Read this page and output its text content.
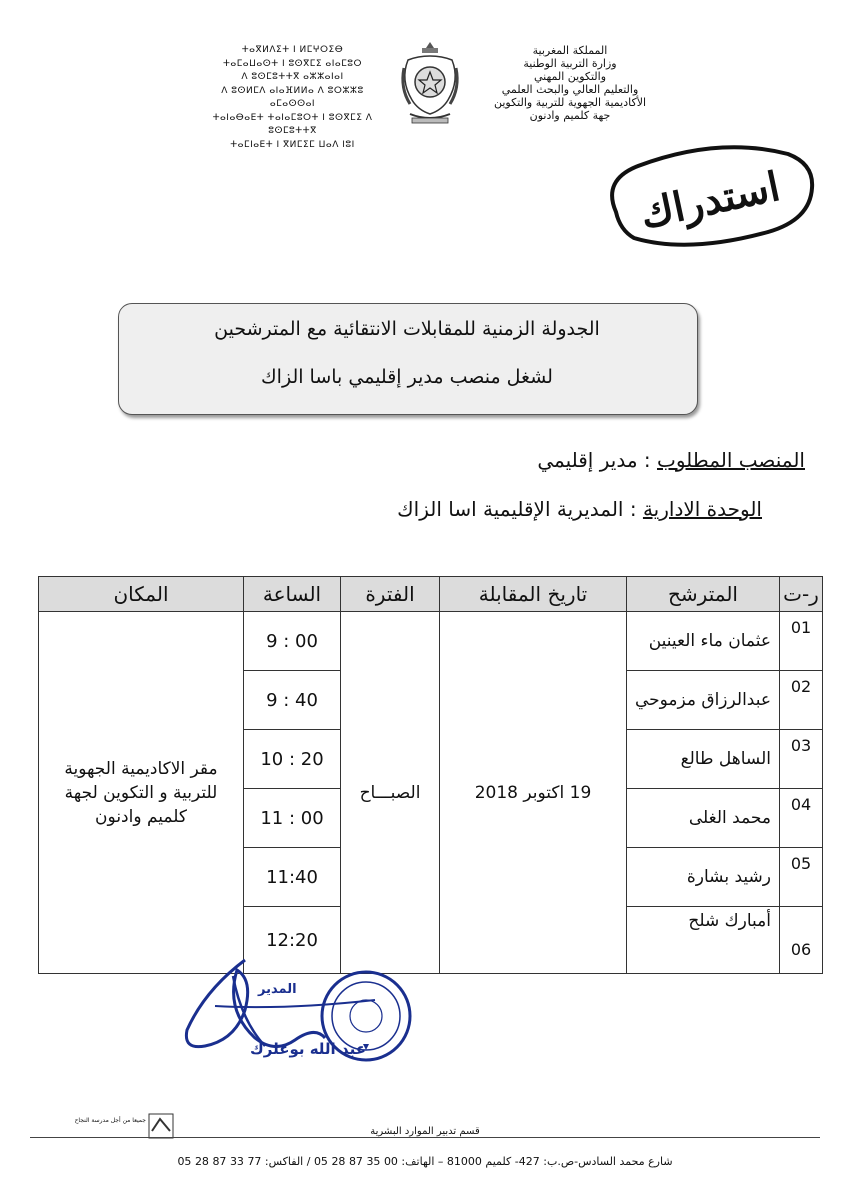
المملكة المغربية
وزارة التربية الوطنية
والتكوين المهني
والتعليم العالي والبحث العلمي
الأكاديمية الجهوية للتربية والتكوين
جهة كلميم وادنون
ⵜⴰⴳⵍⴷⵉⵜ ⵏ ⵍⵎⵖⵔⵉⴱ
ⵜⴰⵎⴰⵡⴰⵙⵜ ⵏ ⵓⵙⴳⵎⵉ ⴰⵏⴰⵎⵓⵔ
ⴷ ⵓⵙⵎⵓⵜⵜⴳ ⴰⵣⵣⴰⵏⴰⵏ
ⴷ ⵓⵙⵍⵎⴷ ⴰⵏⴰⴼⵍⵍⴰ ⴷ ⵓⵔⵣⵣⵓ ⴰⵎⴰⵙⵙⴰⵏ
ⵜⴰⵏⴰⴱⴰⴹⵜ ⵜⴰⵏⴰⵎⵓⵔⵜ ⵏ ⵓⵙⴳⵎⵉ ⴷ ⵓⵙⵎⵓⵜⵜⴳ
ⵜⴰⵎⵏⴰⴹⵜ ⵏ ⴳⵍⵎⵉⵎ ⵡⴰⴷ ⵏⵓⵏ
استدراك
الجدولة الزمنية للمقابلات الانتقائية مع المترشحين
لشغل منصب مدير إقليمي باسا الزاك
المنصب المطلوب : مدير إقليمي
الوحدة الادارية : المديرية الإقليمية اسا الزاك
ر-ت	المترشح	تاريخ المقابلة	الفترة	الساعة	المكان
01	عثمان ماء العينين	19 اكتوبر 2018	الصبـــاح	9 : 00	مقر الاكاديمية الجهوية
للتربية و التكوين لجهة
كلميم وادنون

02	عبدالرزاق مزموحي			9 : 40	
03	الساهل طالع			10 : 20	
04	محمد الغلى			11 : 00	
05	رشيد بشارة			11:40	
06	أمبارك شلح			12:20	
المدير
عبد الله بوعلرك
جميعا من أجل مدرسة النجاح
قسم تدبير الموارد البشرية
شارع محمد السادس-ص.ب: 427- كلميم 81000 – الهاتف: 00 35 87 28 05 / الفاكس: 77 33 87 28 05
